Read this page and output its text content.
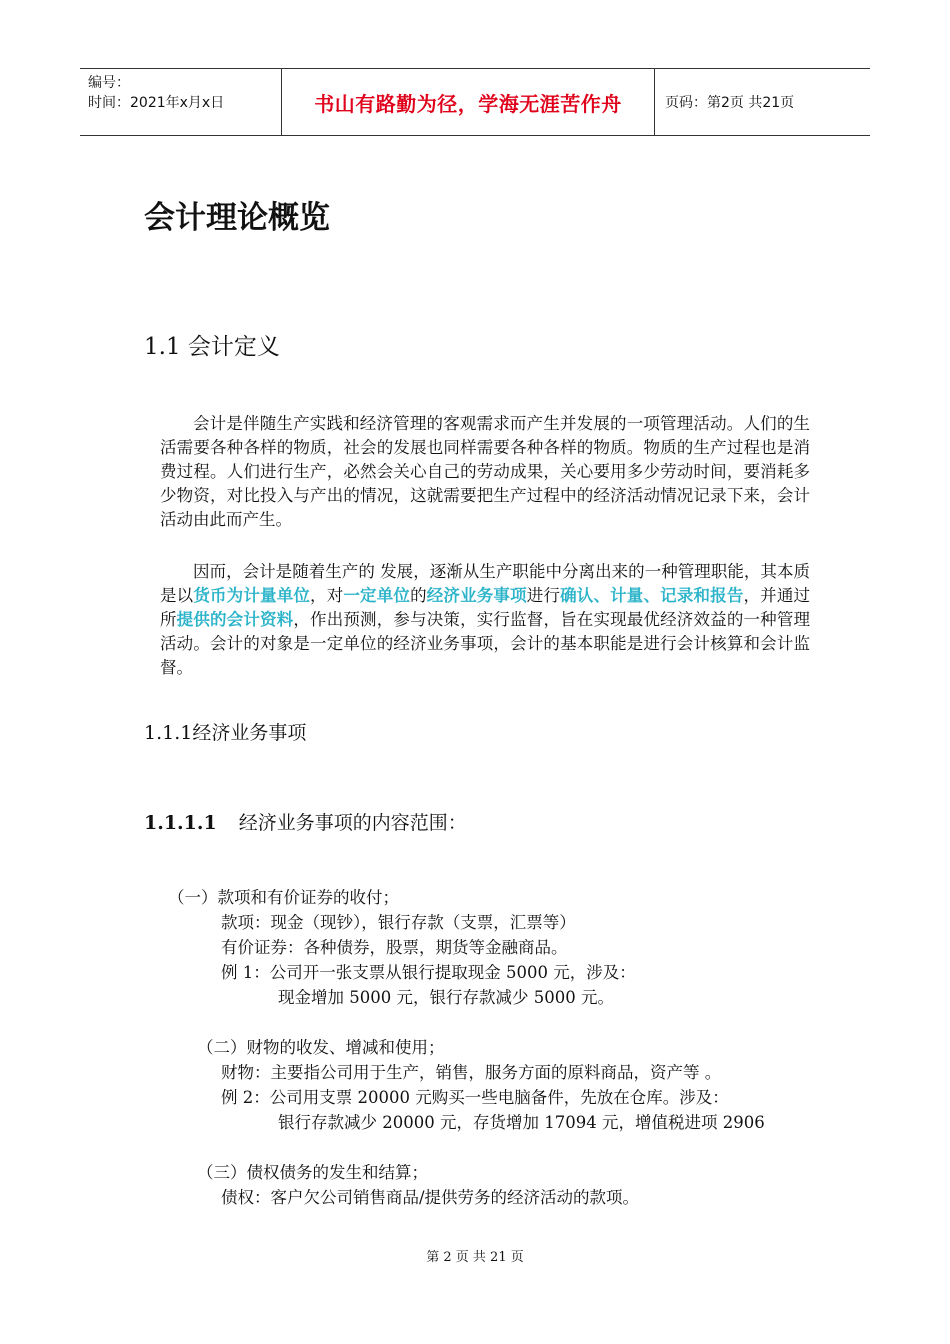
编号：
时间：2021年x月x日	书山有路勤为径，学海无涯苦作舟	页码：第2页 共21页
会计理论概览
1.1 会计定义

会计是伴随生产实践和经济管理的客观需求而产生并发展的一项管理活动。人们的生活需要各种各样的物质，社会的发展也同样需要各种各样的物质。物质的生产过程也是消费过程。人们进行生产，必然会关心自己的劳动成果，关心要用多少劳动时间，要消耗多少物资，对比投入与产出的情况，这就需要把生产过程中的经济活动情况记录下来，会计活动由此而产生。

因而，会计是随着生产的 发展，逐渐从生产职能中分离出来的一种管理职能，其本质是以货币为计量单位，对一定单位的经济业务事项进行确认、计量、记录和报告，并通过所提供的会计资料，作出预测，参与决策，实行监督，旨在实现最优经济效益的一种管理活动。会计的对象是一定单位的经济业务事项，会计的基本职能是进行会计核算和会计监督。

1.1.1经济业务事项
1.1.1.1 经济业务事项的内容范围：

（一）款项和有价证券的收付；

款项：现金（现钞），银行存款（支票，汇票等）

有价证券：各种债券，股票，期货等金融商品。

例 1：公司开一张支票从银行提取现金 5000 元，涉及：

现金增加 5000 元，银行存款减少 5000 元。

（二）财物的收发、增减和使用；

财物：主要指公司用于生产，销售，服务方面的原料商品，资产等 。

例 2：公司用支票 20000 元购买一些电脑备件，先放在仓库。涉及：

银行存款减少 20000 元，存货增加 17094 元，增值税进项 2906

（三）债权债务的发生和结算；

债权：客户欠公司销售商品/提供劳务的经济活动的款项。

第 2 页 共 21 页
